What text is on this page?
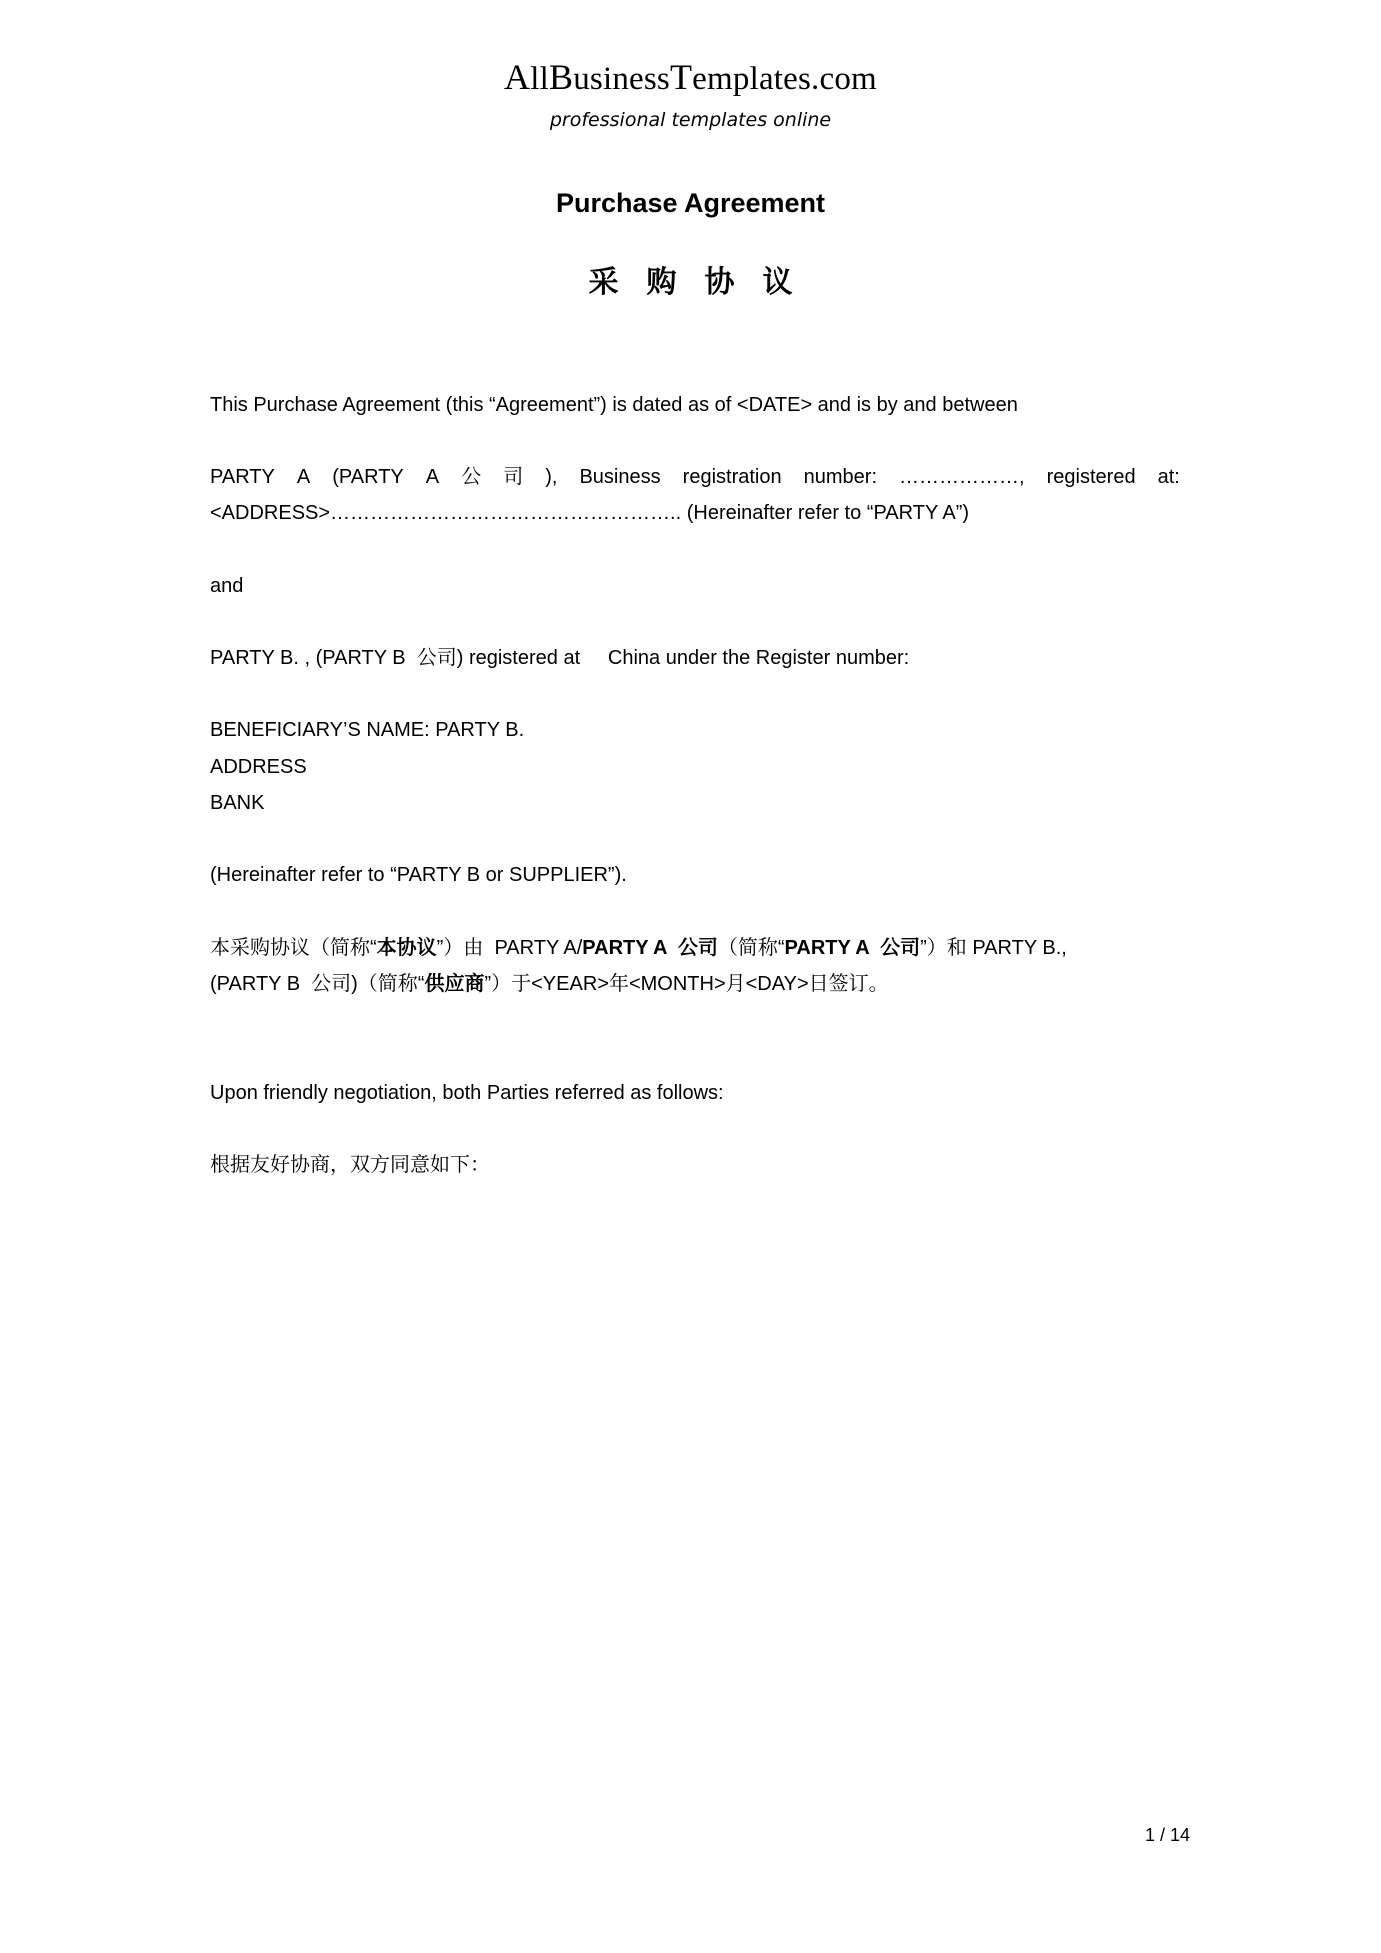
AllBusinessTemplates.com
professional templates online
Purchase Agreement
采购协议
This Purchase Agreement (this “Agreement”) is dated as of <DATE> and is by and between
PARTY A (PARTY A 公 司 ), Business registration number: ………………, registered at:
<ADDRESS>…………………………………………….. (Hereinafter refer to “PARTY A”)
and
PARTY B. , (PARTY B  公司) registered at     China under the Register number:
BENEFICIARY’S NAME: PARTY B.
ADDRESS
BANK
(Hereinafter refer to “PARTY B or SUPPLIER”).
本采购协议（简称“本协议”）由  PARTY A/PARTY A  公司（简称“PARTY A  公司”）和 PARTY B.,
(PARTY B  公司)（简称“供应商”）于<YEAR>年<MONTH>月<DAY>日签订。
Upon friendly negotiation, both Parties referred as follows:
根据友好协商，双方同意如下：
1 / 14
